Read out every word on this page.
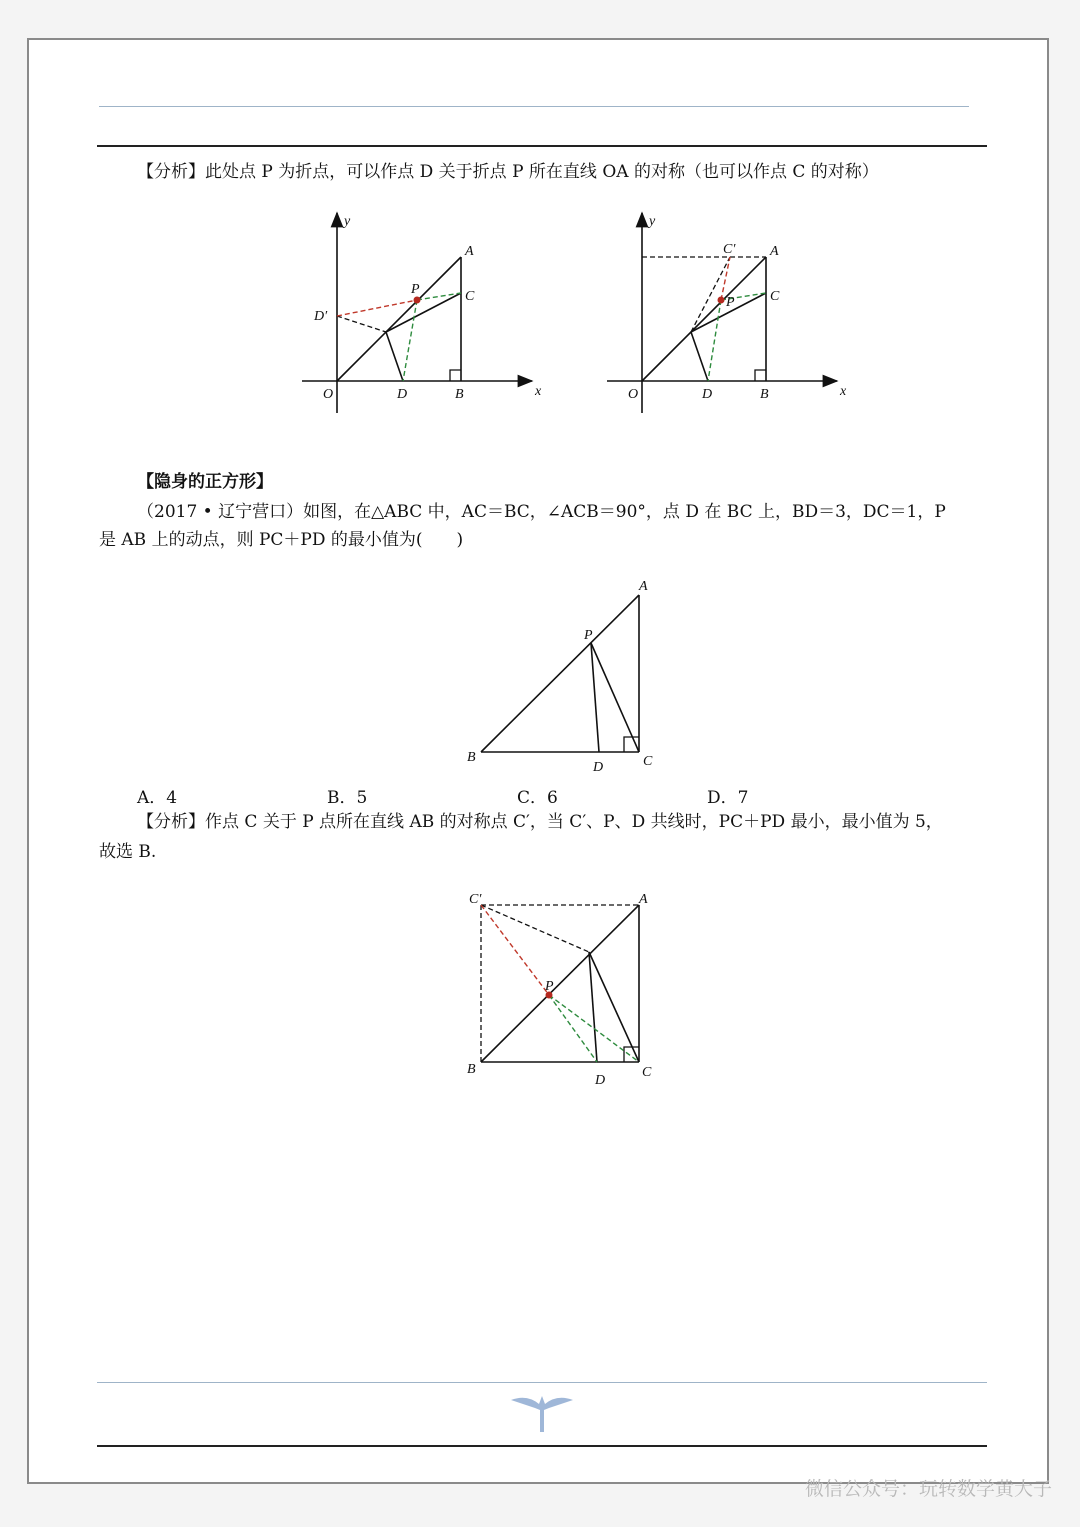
【分析】此处点 P 为折点，可以作点 D 关于折点 P 所在直线 OA 的对称（也可以作点 C 的对称）
y
x
O	D	B
A
C
P
D′
y
x
O	D	B
A
C
P
C′
【隐身的正方形】
（2017 • 辽宁营口）如图，在△ABC 中，AC＝BC，∠ACB＝90°，点 D 在 BC 上，BD＝3，DC＝1，P
是 AB 上的动点，则 PC＋PD 的最小值为(　　)
A
B	C
D
P
A．4	B．5	C．6	D．7
【分析】作点 C 关于 P 点所在直线 AB 的对称点 C′，当 C′、P、D 共线时，PC＋PD 最小，最小值为 5，
故选 B.
A
B	C
D
P
C′
微信公众号：玩转数学黄大子
